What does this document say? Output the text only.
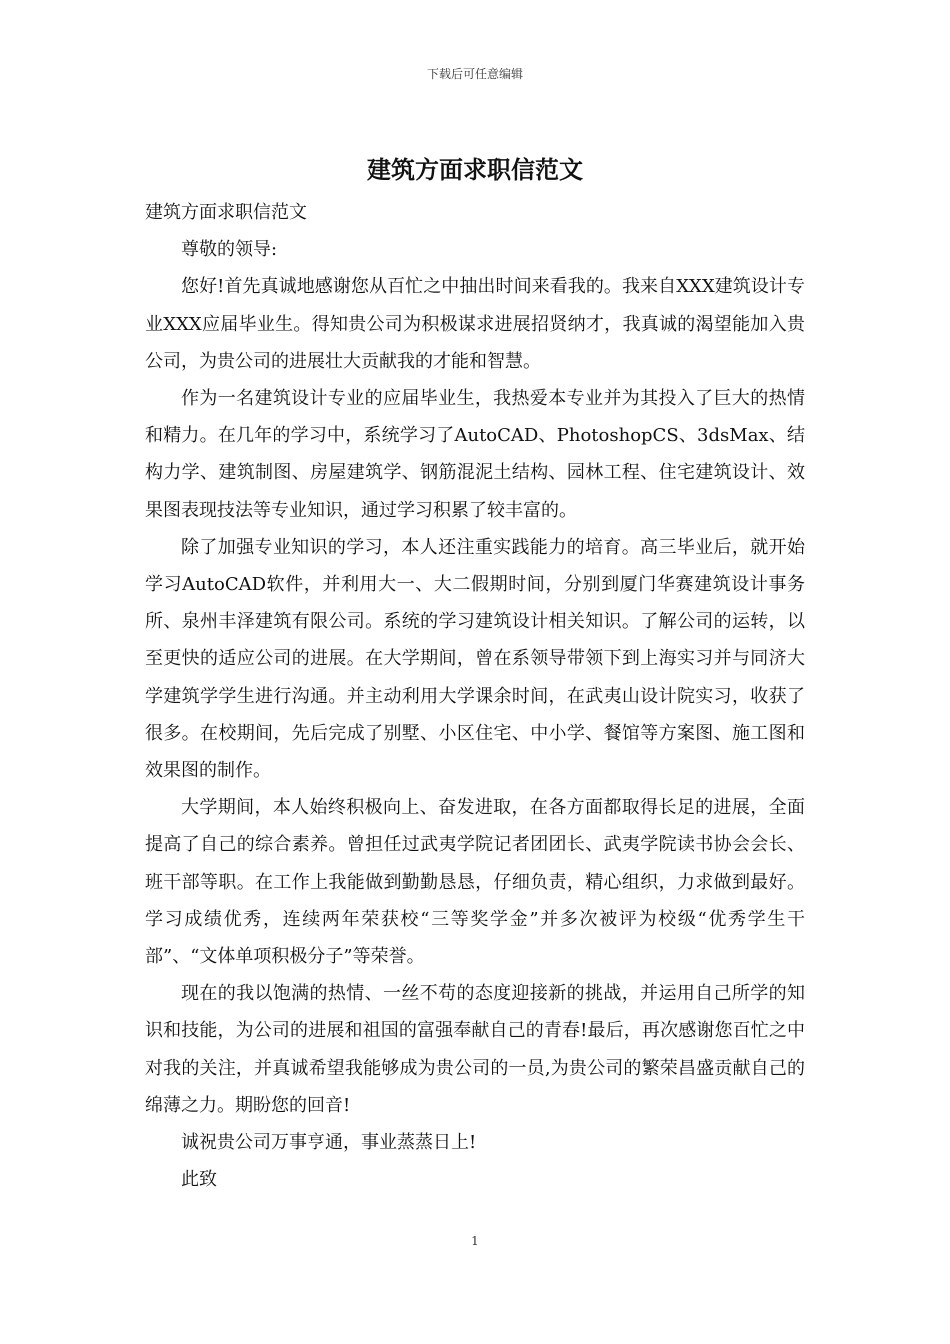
下载后可任意编辑
建筑方面求职信范文

建筑方面求职信范文

尊敬的领导:

您好!首先真诚地感谢您从百忙之中抽出时间来看我的。我来自XXX建筑设计专业XXX应届毕业生。得知贵公司为积极谋求进展招贤纳才，我真诚的渴望能加入贵公司，为贵公司的进展壮大贡献我的才能和智慧。

作为一名建筑设计专业的应届毕业生，我热爱本专业并为其投入了巨大的热情和精力。在几年的学习中，系统学习了AutoCAD、PhotoshopCS、3dsMax、结构力学、建筑制图、房屋建筑学、钢筋混泥土结构、园林工程、住宅建筑设计、效果图表现技法等专业知识，通过学习积累了较丰富的。

除了加强专业知识的学习，本人还注重实践能力的培育。高三毕业后，就开始学习AutoCAD软件，并利用大一、大二假期时间，分别到厦门华赛建筑设计事务所、泉州丰泽建筑有限公司。系统的学习建筑设计相关知识。了解公司的运转，以至更快的适应公司的进展。在大学期间，曾在系领导带领下到上海实习并与同济大学建筑学学生进行沟通。并主动利用大学课余时间，在武夷山设计院实习，收获了很多。在校期间，先后完成了别墅、小区住宅、中小学、餐馆等方案图、施工图和效果图的制作。

大学期间，本人始终积极向上、奋发进取，在各方面都取得长足的进展，全面提高了自己的综合素养。曾担任过武夷学院记者团团长、武夷学院读书协会会长、班干部等职。在工作上我能做到勤勤恳恳，仔细负责，精心组织，力求做到最好。学习成绩优秀，连续两年荣获校“三等奖学金”并多次被评为校级“优秀学生干部”、“文体单项积极分子”等荣誉。

现在的我以饱满的热情、一丝不苟的态度迎接新的挑战，并运用自己所学的知识和技能，为公司的进展和祖国的富强奉献自己的青春!最后，再次感谢您百忙之中对我的关注，并真诚希望我能够成为贵公司的一员,为贵公司的繁荣昌盛贡献自己的绵薄之力。期盼您的回音!

诚祝贵公司万事亨通，事业蒸蒸日上!

此致

1
